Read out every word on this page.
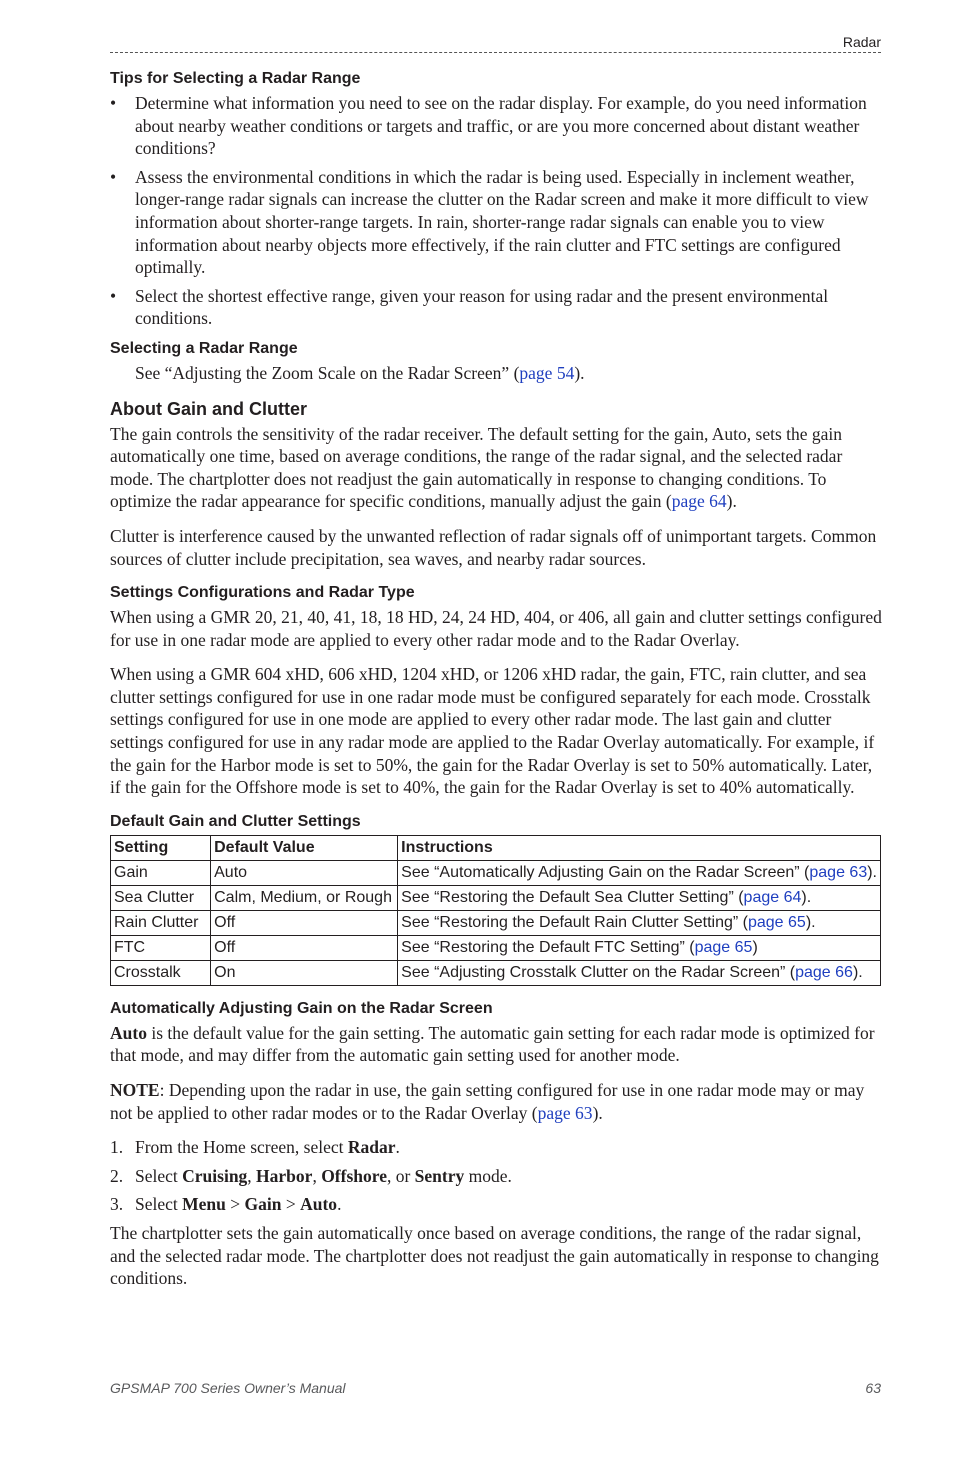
Radar
Tips for Selecting a Radar Range
• Determine what information you need to see on the radar display. For example, do you need information about nearby weather conditions or targets and traffic, or are you more concerned about distant weather conditions?
• Assess the environmental conditions in which the radar is being used. Especially in inclement weather, longer-range radar signals can increase the clutter on the Radar screen and make it more difficult to view information about shorter-range targets. In rain, shorter-range radar signals can enable you to view information about nearby objects more effectively, if the rain clutter and FTC settings are configured optimally.
• Select the shortest effective range, given your reason for using radar and the present environmental conditions.
Selecting a Radar Range

See “Adjusting the Zoom Scale on the Radar Screen” (page 54).

About Gain and Clutter

The gain controls the sensitivity of the radar receiver. The default setting for the gain, Auto, sets the gain automatically one time, based on average conditions, the range of the radar signal, and the selected radar mode. The chartplotter does not readjust the gain automatically in response to changing conditions. To optimize the radar appearance for specific conditions, manually adjust the gain (page 64).

Clutter is interference caused by the unwanted reflection of radar signals off of unimportant targets. Common sources of clutter include precipitation, sea waves, and nearby radar sources.

Settings Configurations and Radar Type

When using a GMR 20, 21, 40, 41, 18, 18 HD, 24, 24 HD, 404, or 406, all gain and clutter settings configured for use in one radar mode are applied to every other radar mode and to the Radar Overlay.

When using a GMR 604 xHD, 606 xHD, 1204 xHD, or 1206 xHD radar, the gain, FTC, rain clutter, and sea clutter settings configured for use in one radar mode must be configured separately for each mode. Crosstalk settings configured for use in one mode are applied to every other radar mode. The last gain and clutter settings configured for use in any radar mode are applied to the Radar Overlay automatically. For example, if the gain for the Harbor mode is set to 50%, the gain for the Radar Overlay is set to 50% automatically. Later, if the gain for the Offshore mode is set to 40%, the gain for the Radar Overlay is set to 40% automatically.

Default Gain and Clutter Settings
Setting	Default Value	Instructions
Gain	Auto	See “Automatically Adjusting Gain on the Radar Screen” (page 63).
Sea Clutter	Calm, Medium, or Rough	See “Restoring the Default Sea Clutter Setting” (page 64).
Rain Clutter	Off	See “Restoring the Default Rain Clutter Setting” (page 65).
FTC	Off	See “Restoring the Default FTC Setting” (page 65)
Crosstalk	On	See “Adjusting Crosstalk Clutter on the Radar Screen” (page 66).
Automatically Adjusting Gain on the Radar Screen

Auto is the default value for the gain setting. The automatic gain setting for each radar mode is optimized for that mode, and may differ from the automatic gain setting used for another mode.

NOTE: Depending upon the radar in use, the gain setting configured for use in one radar mode may or may not be applied to other radar modes or to the Radar Overlay (page 63).

1. From the Home screen, select Radar.
2. Select Cruising, Harbor, Offshore, or Sentry mode.
3. Select Menu > Gain > Auto.

The chartplotter sets the gain automatically once based on average conditions, the range of the radar signal, and the selected radar mode. The chartplotter does not readjust the gain automatically in response to changing conditions.

GPSMAP 700 Series Owner’s Manual	63
